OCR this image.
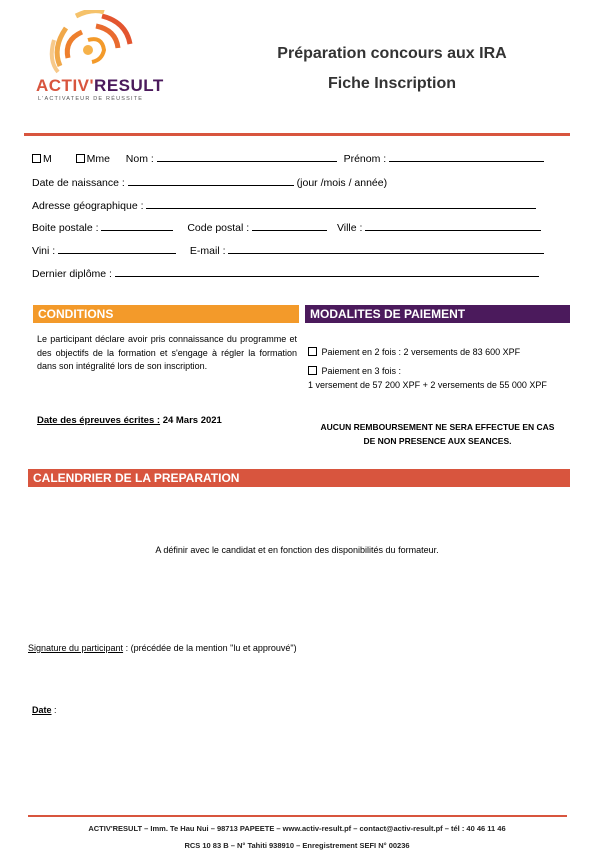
ACTIV'RESULT
L'ACTIVATEUR DE RÉUSSITE
Préparation concours aux IRA
Fiche Inscription
M	Mme Nom :	Prénom :
Date de naissance :	(jour /mois / année)
Adresse géographique :
Boite postale :	Code postal :	Ville :
Vini :	E-mail :
Dernier diplôme :
CONDITIONS
Le participant déclare avoir pris connaissance du programme et des objectifs de la formation et s'engage à régler la formation dans son intégralité lors de son inscription.
Date des épreuves écrites : 24 Mars 2021
MODALITES DE PAIEMENT
Paiement en 2 fois : 2 versements de 83 600 XPF
Paiement en 3 fois :
1 versement de 57 200 XPF + 2 versements de 55 000 XPF
AUCUN REMBOURSEMENT NE SERA EFFECTUE EN CAS
DE NON PRESENCE AUX SEANCES.
CALENDRIER DE LA PREPARATION
A définir avec le candidat et en fonction des disponibilités du formateur.
Signature du participant : (précédée de la mention "lu et approuvé")
Date :
ACTIV'RESULT – Imm. Te Hau Nui – 98713 PAPEETE – www.activ-result.pf – contact@activ-result.pf – tél : 40 46 11 46
RCS 10 83 B – N° Tahiti 938910 – Enregistrement SEFI N° 00236
